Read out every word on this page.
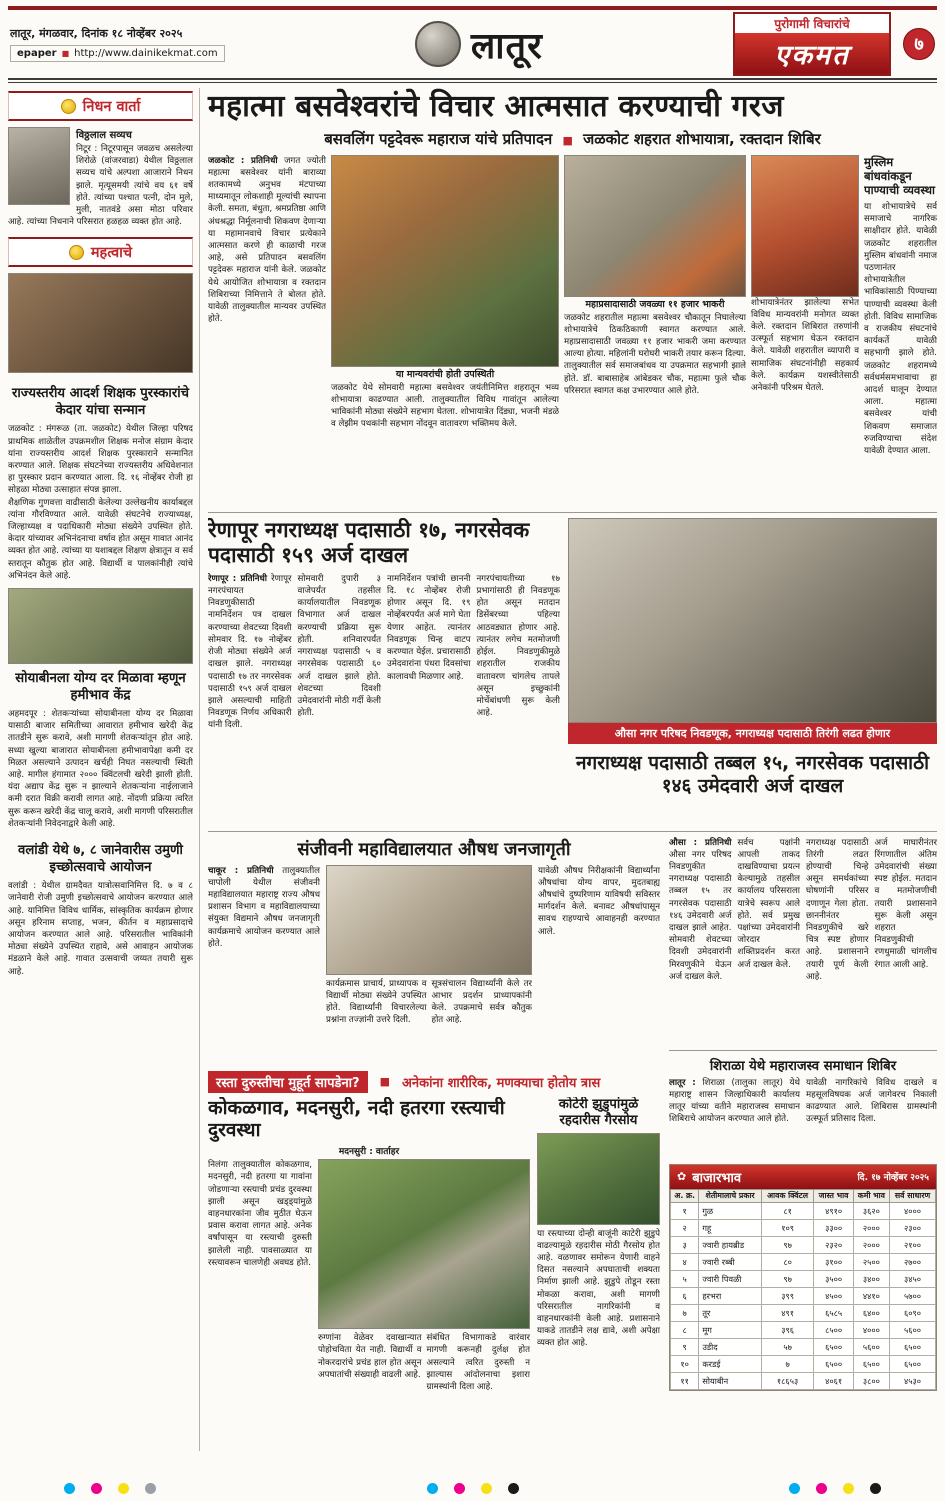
लातूर, मंगळवार, दिनांक १८ नोव्हेंबर २०२५
epaper ■ http://www.dainikekmat.com	लातूर
पुरोगामी विचारांचे
एकमत	७
निधन वार्ता
विठ्ठलाल सव्यच

निटूर : निटूरपासून जवळच असलेल्या शिरोळे (वांजरवाडा) येथील विठ्ठलाल सव्यच यांचे अल्पशा आजाराने निधन झाले. मृत्यूसमयी त्यांचे वय ६१ वर्षे होते. त्यांच्या पश्चात पत्नी, दोन मुले, मुली, नातवंडे असा मोठा परिवार आहे. त्यांच्या निधनाने परिसरात हळहळ व्यक्त होत आहे.

महत्वाचे
राज्यस्तरीय आदर्श शिक्षक पुरस्कारांचे केदार यांचा सन्मान

जळकोट : मंगरूळ (ता. जळकोट) येथील जिल्हा परिषद प्राथमिक शाळेतील उपक्रमशील शिक्षक मनोज संग्राम केदार यांना राज्यस्तरीय आदर्श शिक्षक पुरस्काराने सन्मानित करण्यात आले. शिक्षक संघटनेच्या राज्यस्तरीय अधिवेशनात हा पुरस्कार प्रदान करण्यात आला. दि. १६ नोव्हेंबर रोजी हा सोहळा मोठ्या उत्साहात संपन्न झाला.

शैक्षणिक गुणवत्ता वाढीसाठी केलेल्या उल्लेखनीय कार्याबद्दल त्यांना गौरविण्यात आले. यावेळी संघटनेचे राज्याध्यक्ष, जिल्हाध्यक्ष व पदाधिकारी मोठ्या संख्येने उपस्थित होते. केदार यांच्यावर अभिनंदनाचा वर्षाव होत असून गावात आनंद व्यक्त होत आहे. त्यांच्या या यशाबद्दल शिक्षण क्षेत्रातून व सर्व स्तरातून कौतुक होत आहे. विद्यार्थी व पालकांनीही त्यांचे अभिनंदन केले आहे.

सोयाबीनला योग्य दर मिळावा म्हणून हमीभाव केंद्र

अहमदपूर : शेतकऱ्यांच्या सोयाबीनला योग्य दर मिळावा यासाठी बाजार समितीच्या आवारात हमीभाव खरेदी केंद्र तातडीने सुरू करावे, अशी मागणी शेतकऱ्यांतून होत आहे. सध्या खुल्या बाजारात सोयाबीनला हमीभावापेक्षा कमी दर मिळत असल्याने उत्पादन खर्चही निघत नसल्याची स्थिती आहे. मागील हंगामात २००० क्विंटलची खरेदी झाली होती. यंदा अद्याप केंद्र सुरू न झाल्याने शेतकऱ्यांना नाईलाजाने कमी दरात विक्री करावी लागत आहे. नोंदणी प्रक्रिया त्वरित सुरू करून खरेदी केंद्र चालू करावे, अशी मागणी परिसरातील शेतकऱ्यांनी निवेदनाद्वारे केली आहे.

वलांडी येथे ७, ८ जानेवारीस उमुणी इच्छोत्सवाचे आयोजन

वलांडी : येथील ग्रामदैवत यात्रोत्सवानिमित्त दि. ७ व ८ जानेवारी रोजी उमुणी इच्छोत्सवाचे आयोजन करण्यात आले आहे. यानिमित्त विविध धार्मिक, सांस्कृतिक कार्यक्रम होणार असून हरिनाम सप्ताह, भजन, कीर्तन व महाप्रसादाचे आयोजन करण्यात आले आहे. परिसरातील भाविकांनी मोठ्या संख्येने उपस्थित राहावे, असे आवाहन आयोजक मंडळाने केले आहे. गावात उत्सवाची जय्यत तयारी सुरू आहे.

महात्मा बसवेश्वरांचे विचार आत्मसात करण्याची गरज
बसवलिंग पट्टदेवरू महाराज यांचे प्रतिपादन ■ जळकोट शहरात शोभायात्रा, रक्तदान शिबिर

जळकोट : प्रतिनिधी जगत ज्योती महात्मा बसवेश्वर यांनी बाराव्या शतकामध्ये अनुभव मंटपाच्या माध्यमातून लोकशाही मूल्यांची स्थापना केली. समता, बंधुता, श्रमप्रतिष्ठा आणि अंधश्रद्धा निर्मूलनाची शिकवण देणाऱ्या या महामानवाचे विचार प्रत्येकाने आत्मसात करणे ही काळाची गरज आहे, असे प्रतिपादन बसवलिंग पट्टदेवरू महाराज यांनी केले. जळकोट येथे आयोजित शोभायात्रा व रक्तदान शिबिराच्या निमित्ताने ते बोलत होते. यावेळी तालुक्यातील मान्यवर उपस्थित होते.

या मान्यवरांची होती उपस्थिती

जळकोट येथे सोमवारी महात्मा बसवेश्वर जयंतीनिमित्त शहरातून भव्य शोभायात्रा काढण्यात आली. तालुक्यातील विविध गावांतून आलेल्या भाविकांनी मोठ्या संख्येने सहभाग घेतला. शोभायात्रेत दिंड्या, भजनी मंडळे व लेझीम पथकांनी सहभाग नोंदवून वातावरण भक्तिमय केले.

महाप्रसादासाठी जवळ्या ११ हजार भाकरी

जळकोट शहरातील महात्मा बसवेश्वर चौकातून निघालेल्या शोभायात्रेचे ठिकठिकाणी स्वागत करण्यात आले. महाप्रसादासाठी जवळ्या ११ हजार भाकरी जमा करण्यात आल्या होत्या. महिलांनी घरोघरी भाकरी तयार करून दिल्या. तालुक्यातील सर्व समाजबांधव या उपक्रमात सहभागी झाले होते. डॉ. बाबासाहेब आंबेडकर चौक, महात्मा फुले चौक परिसरात स्वागत कक्ष उभारण्यात आले होते.

शोभायात्रेनंतर झालेल्या सभेत विविध मान्यवरांनी मनोगत व्यक्त केले. रक्तदान शिबिरात तरुणांनी उत्स्फूर्त सहभाग घेऊन रक्तदान केले. यावेळी शहरातील व्यापारी व सामाजिक संघटनांनीही सहकार्य केले. कार्यक्रम यशस्वीतेसाठी अनेकांनी परिश्रम घेतले.

मुस्लिम बांधवांकडून पाण्याची व्यवस्था

या शोभायात्रेचे सर्व समाजाचे नागरिक साक्षीदार होते. यावेळी जळकोट शहरातील मुस्लिम बांधवांनी नमाज पठणानंतर शोभायात्रेतील भाविकांसाठी पिण्याच्या पाण्याची व्यवस्था केली होती. विविध सामाजिक व राजकीय संघटनांचे कार्यकर्ते यावेळी सहभागी झाले होते. जळकोट शहरामध्ये सर्वधर्मसमभावाचा हा आदर्श घालून देण्यात आला. महात्मा बसवेश्वर यांची शिकवण समाजात रुजविण्याचा संदेश यावेळी देण्यात आला.

रेणापूर नगराध्यक्ष पदासाठी १७, नगरसेवक पदासाठी १५९ अर्ज दाखल

रेणापूर : प्रतिनिधी रेणापूर नगरपंचायत निवडणुकीसाठी नामनिर्देशन पत्र दाखल करण्याच्या शेवटच्या दिवशी सोमवार दि. १७ नोव्हेंबर रोजी मोठ्या संख्येने अर्ज दाखल झाले. नगराध्यक्ष पदासाठी १७ तर नगरसेवक पदासाठी १५९ अर्ज दाखल झाले असल्याची माहिती निवडणूक निर्णय अधिकारी यांनी दिली.

सोमवारी दुपारी ३ वाजेपर्यंत तहसील कार्यालयातील निवडणूक विभागात अर्ज दाखल करण्याची प्रक्रिया सुरू होती. शनिवारपर्यंत नगराध्यक्ष पदासाठी ५ व नगरसेवक पदासाठी ६० अर्ज दाखल झाले होते. शेवटच्या दिवशी उमेदवारांनी मोठी गर्दी केली होती.

नामनिर्देशन पत्रांची छाननी दि. १८ नोव्हेंबर रोजी होणार असून दि. १९ नोव्हेंबरपर्यंत अर्ज मागे घेता येणार आहेत. त्यानंतर निवडणूक चिन्ह वाटप करण्यात येईल. प्रचारासाठी उमेदवारांना पंधरा दिवसांचा कालावधी मिळणार आहे.

नगरपंचायतीच्या १७ प्रभागांसाठी ही निवडणूक होत असून मतदान डिसेंबरच्या पहिल्या आठवड्यात होणार आहे. त्यानंतर लगेच मतमोजणी होईल. निवडणुकीमुळे शहरातील राजकीय वातावरण चांगलेच तापले असून इच्छुकांनी मोर्चेबांधणी सुरू केली आहे.

औसा नगर परिषद निवडणूक, नगराध्यक्ष पदासाठी तिरंगी लढत होणार
नगराध्यक्ष पदासाठी तब्बल १५, नगरसेवक पदासाठी १४६ उमेदवारी अर्ज दाखल
संजीवनी महाविद्यालयात औषध जनजागृती

चाकूर : प्रतिनिधी तालुक्यातील चापोली येथील संजीवनी महाविद्यालयात महाराष्ट्र राज्य औषध प्रशासन विभाग व महाविद्यालयाच्या संयुक्त विद्यमाने औषध जनजागृती कार्यक्रमाचे आयोजन करण्यात आले होते.

कार्यक्रमास प्राचार्य, प्राध्यापक व विद्यार्थी मोठ्या संख्येने उपस्थित होते. विद्यार्थ्यांनी विचारलेल्या प्रश्नांना तज्ज्ञांनी उत्तरे दिली.

सूत्रसंचालन विद्यार्थ्यांनी केले तर आभार प्रदर्शन प्राध्यापकांनी केले. उपक्रमाचे सर्वत्र कौतुक होत आहे.

यावेळी औषध निरीक्षकांनी विद्यार्थ्यांना औषधांचा योग्य वापर, मुदतबाह्य औषधांचे दुष्परिणाम याविषयी सविस्तर मार्गदर्शन केले. बनावट औषधांपासून सावध राहण्याचे आवाहनही करण्यात आले.

रस्ता दुरुस्तीचा मुहूर्त सापडेना?	■ अनेकांना शारीरिक, मणक्याचा होतोय त्रास
कोकळगाव, मदनसुरी, नदी हतरगा रस्त्याची दुरवस्था
मदनसुरी : वार्ताहर

निलंगा तालुक्यातील कोकळगाव, मदनसुरी, नदी हतरगा या गावांना जोडणाऱ्या रस्त्याची प्रचंड दुरवस्था झाली असून खड्ड्यांमुळे वाहनधारकांना जीव मुठीत घेऊन प्रवास करावा लागत आहे. अनेक वर्षांपासून या रस्त्याची दुरुस्ती झालेली नाही. पावसाळ्यात या रस्त्यावरून चालणेही अवघड होते.

रुग्णांना वेळेवर दवाखान्यात पोहोचविता येत नाही. विद्यार्थी व नोकरदारांचे प्रचंड हाल होत असून अपघातांची संख्याही वाढली आहे.

संबंधित विभागाकडे वारंवार मागणी करूनही दुर्लक्ष होत असल्याने त्वरित दुरुस्ती न झाल्यास आंदोलनाचा इशारा ग्रामस्थांनी दिला आहे.

कोटेरी झुडुपांमुळे रहदारीस गैरसोय

या रस्त्याच्या दोन्ही बाजूंनी काटेरी झुडुपे वाढल्यामुळे रहदारीस मोठी गैरसोय होत आहे. वळणावर समोरून येणारी वाहने दिसत नसल्याने अपघाताची शक्यता निर्माण झाली आहे. झुडुपे तोडून रस्ता मोकळा करावा, अशी मागणी परिसरातील नागरिकांनी व वाहनधारकांनी केली आहे. प्रशासनाने याकडे तातडीने लक्ष द्यावे, अशी अपेक्षा व्यक्त होत आहे.

औसा : प्रतिनिधी औसा नगर परिषद निवडणुकीत नगराध्यक्ष पदासाठी तब्बल १५ तर नगरसेवक पदासाठी १४६ उमेदवारी अर्ज दाखल झाले आहेत. सोमवारी शेवटच्या दिवशी उमेदवारांनी मिरवणुकीने येऊन अर्ज दाखल केले.

सर्वच पक्षांनी आपली ताकद दाखविण्याचा प्रयत्न केल्यामुळे तहसील कार्यालय परिसराला यात्रेचे स्वरूप आले होते. सर्व प्रमुख पक्षांच्या उमेदवारांनी जोरदार शक्तिप्रदर्शन करत अर्ज दाखल केले.

नगराध्यक्ष पदासाठी तिरंगी लढत होण्याची चिन्हे असून समर्थकांच्या घोषणांनी परिसर दणाणून गेला होता. छाननीनंतर निवडणुकीचे खरे चित्र स्पष्ट होणार आहे. प्रशासनाने तयारी पूर्ण केली आहे.

अर्ज माघारीनंतर रिंगणातील अंतिम उमेदवारांची संख्या स्पष्ट होईल. मतदान व मतमोजणीची तयारी प्रशासनाने सुरू केली असून शहरात निवडणुकीची रणधुमाळी चांगलीच रंगात आली आहे.

शिराळा येथे महाराजस्व समाधान शिबिर

लातूर : शिराळा (तालुका लातूर) येथे महाराष्ट्र शासन जिल्हाधिकारी कार्यालय लातूर यांच्या वतीने महाराजस्व समाधान शिबिराचे आयोजन करण्यात आले होते.

यावेळी नागरिकांचे विविध दाखले व महसूलविषयक अर्ज जागेवरच निकाली काढण्यात आले. शिबिरास ग्रामस्थांनी उत्स्फूर्त प्रतिसाद दिला.

✿ बाजारभाव	दि. १७ नोव्हेंबर २०२५
अ. क्र.	शेतीमालाचे प्रकार	आवक क्विंटल	जास्त भाव	कमी भाव	सर्व साधारण
१	गुळ	८१	४९१०	३६२०	४०००
२	गहू	१०९	३३००	२०००	२३००
३	ज्वारी हायब्रीड	९७	२३२०	२०००	२१००
४	ज्वारी रब्बी	८०	३१००	२५००	२७००
५	ज्वारी पिवळी	९७	३५००	३४००	३४५०
६	हरभरा	३९९	४५००	४४१०	५७००
७	तूर	४९१	६५८५	६४००	६०९०
८	मूग	३९६	८५००	४०००	५६००
९	उडीद	५७	६५००	५६००	६५००
१०	करडई	७	६५००	६५००	६५००
११	सोयाबीन	१८६५३	४०६१	३८००	४५३०
